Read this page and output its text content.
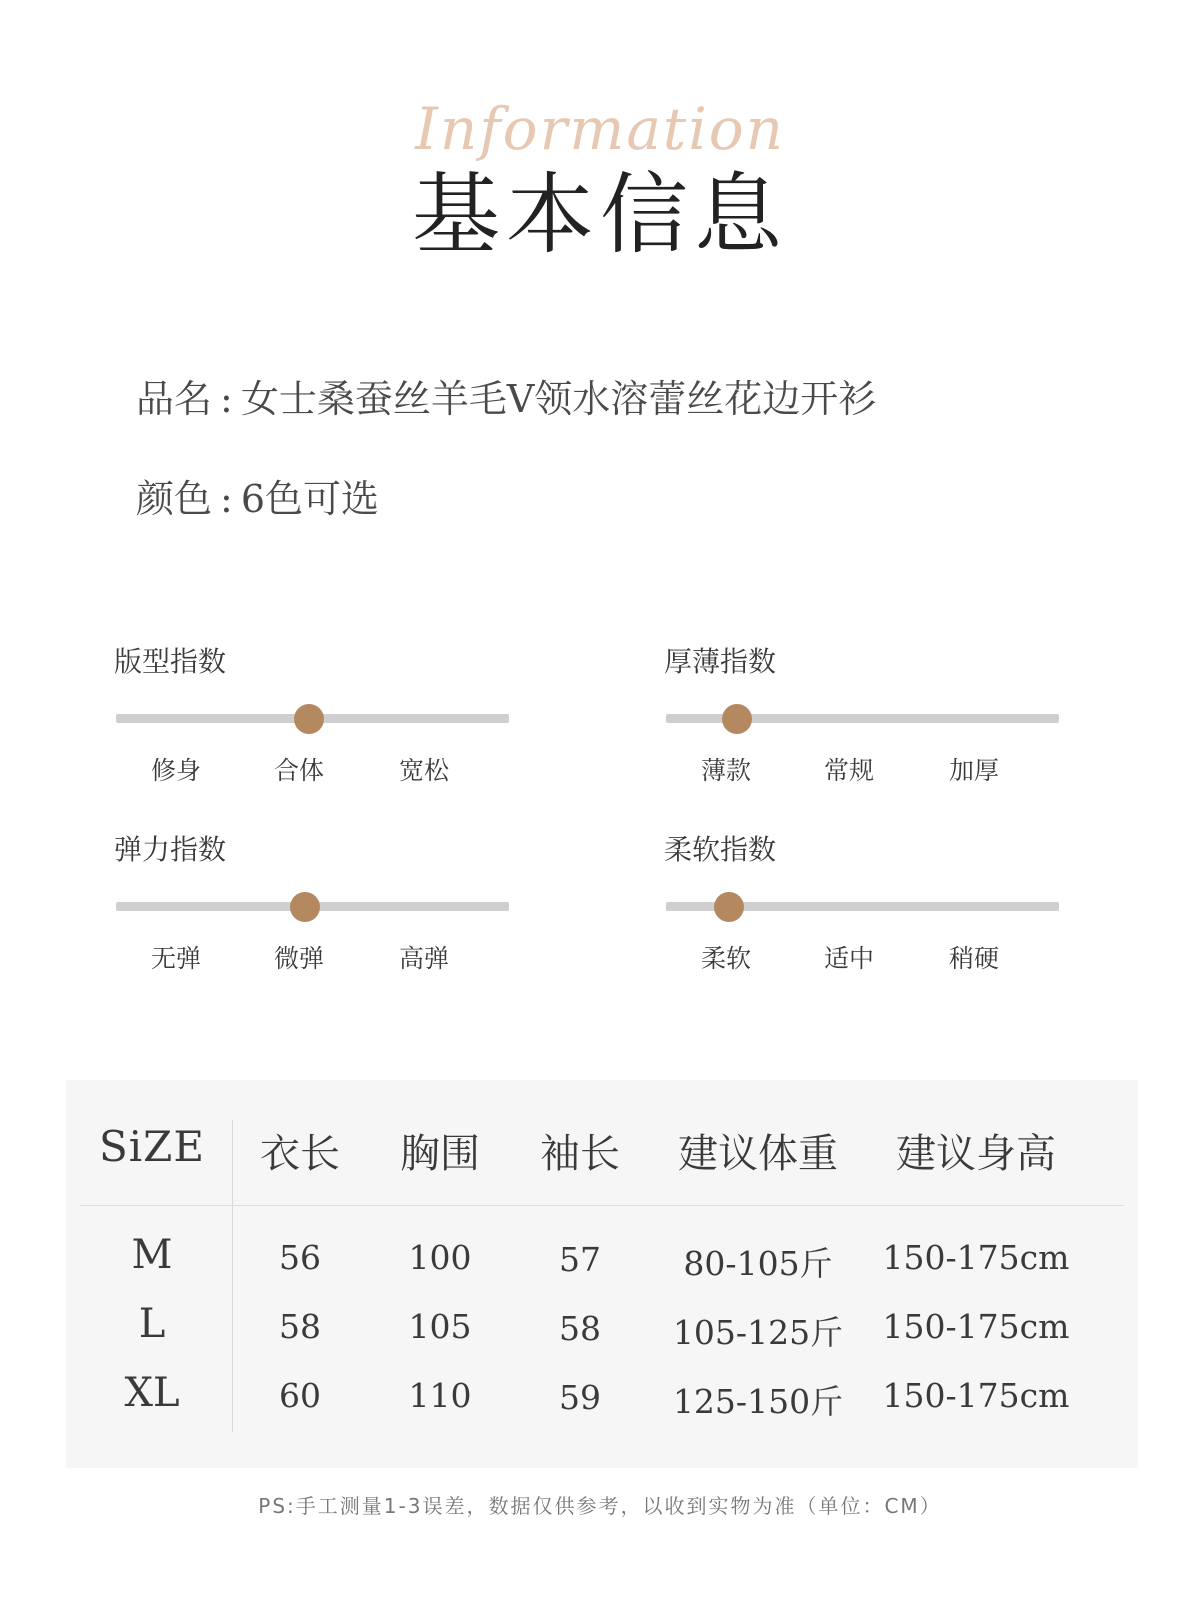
Information
基本信息
品名 : 女士桑蚕丝羊毛V领水溶蕾丝花边开衫
颜色 : 6色可选
版型指数
修身	合体	宽松
厚薄指数
薄款	常规	加厚
弹力指数
无弹	微弹	高弹
柔软指数
柔软	适中	稍硬
SiZE 衣长 胸围 袖长 建议体重 建议身高
M	56	100	57 80-105斤 150-175cm
L	58	105	58 105-125斤 150-175cm
XL	60	110	59 125-150斤 150-175cm
PS:手工测量1-3误差，数据仅供参考，以收到实物为准（单位：CM）
